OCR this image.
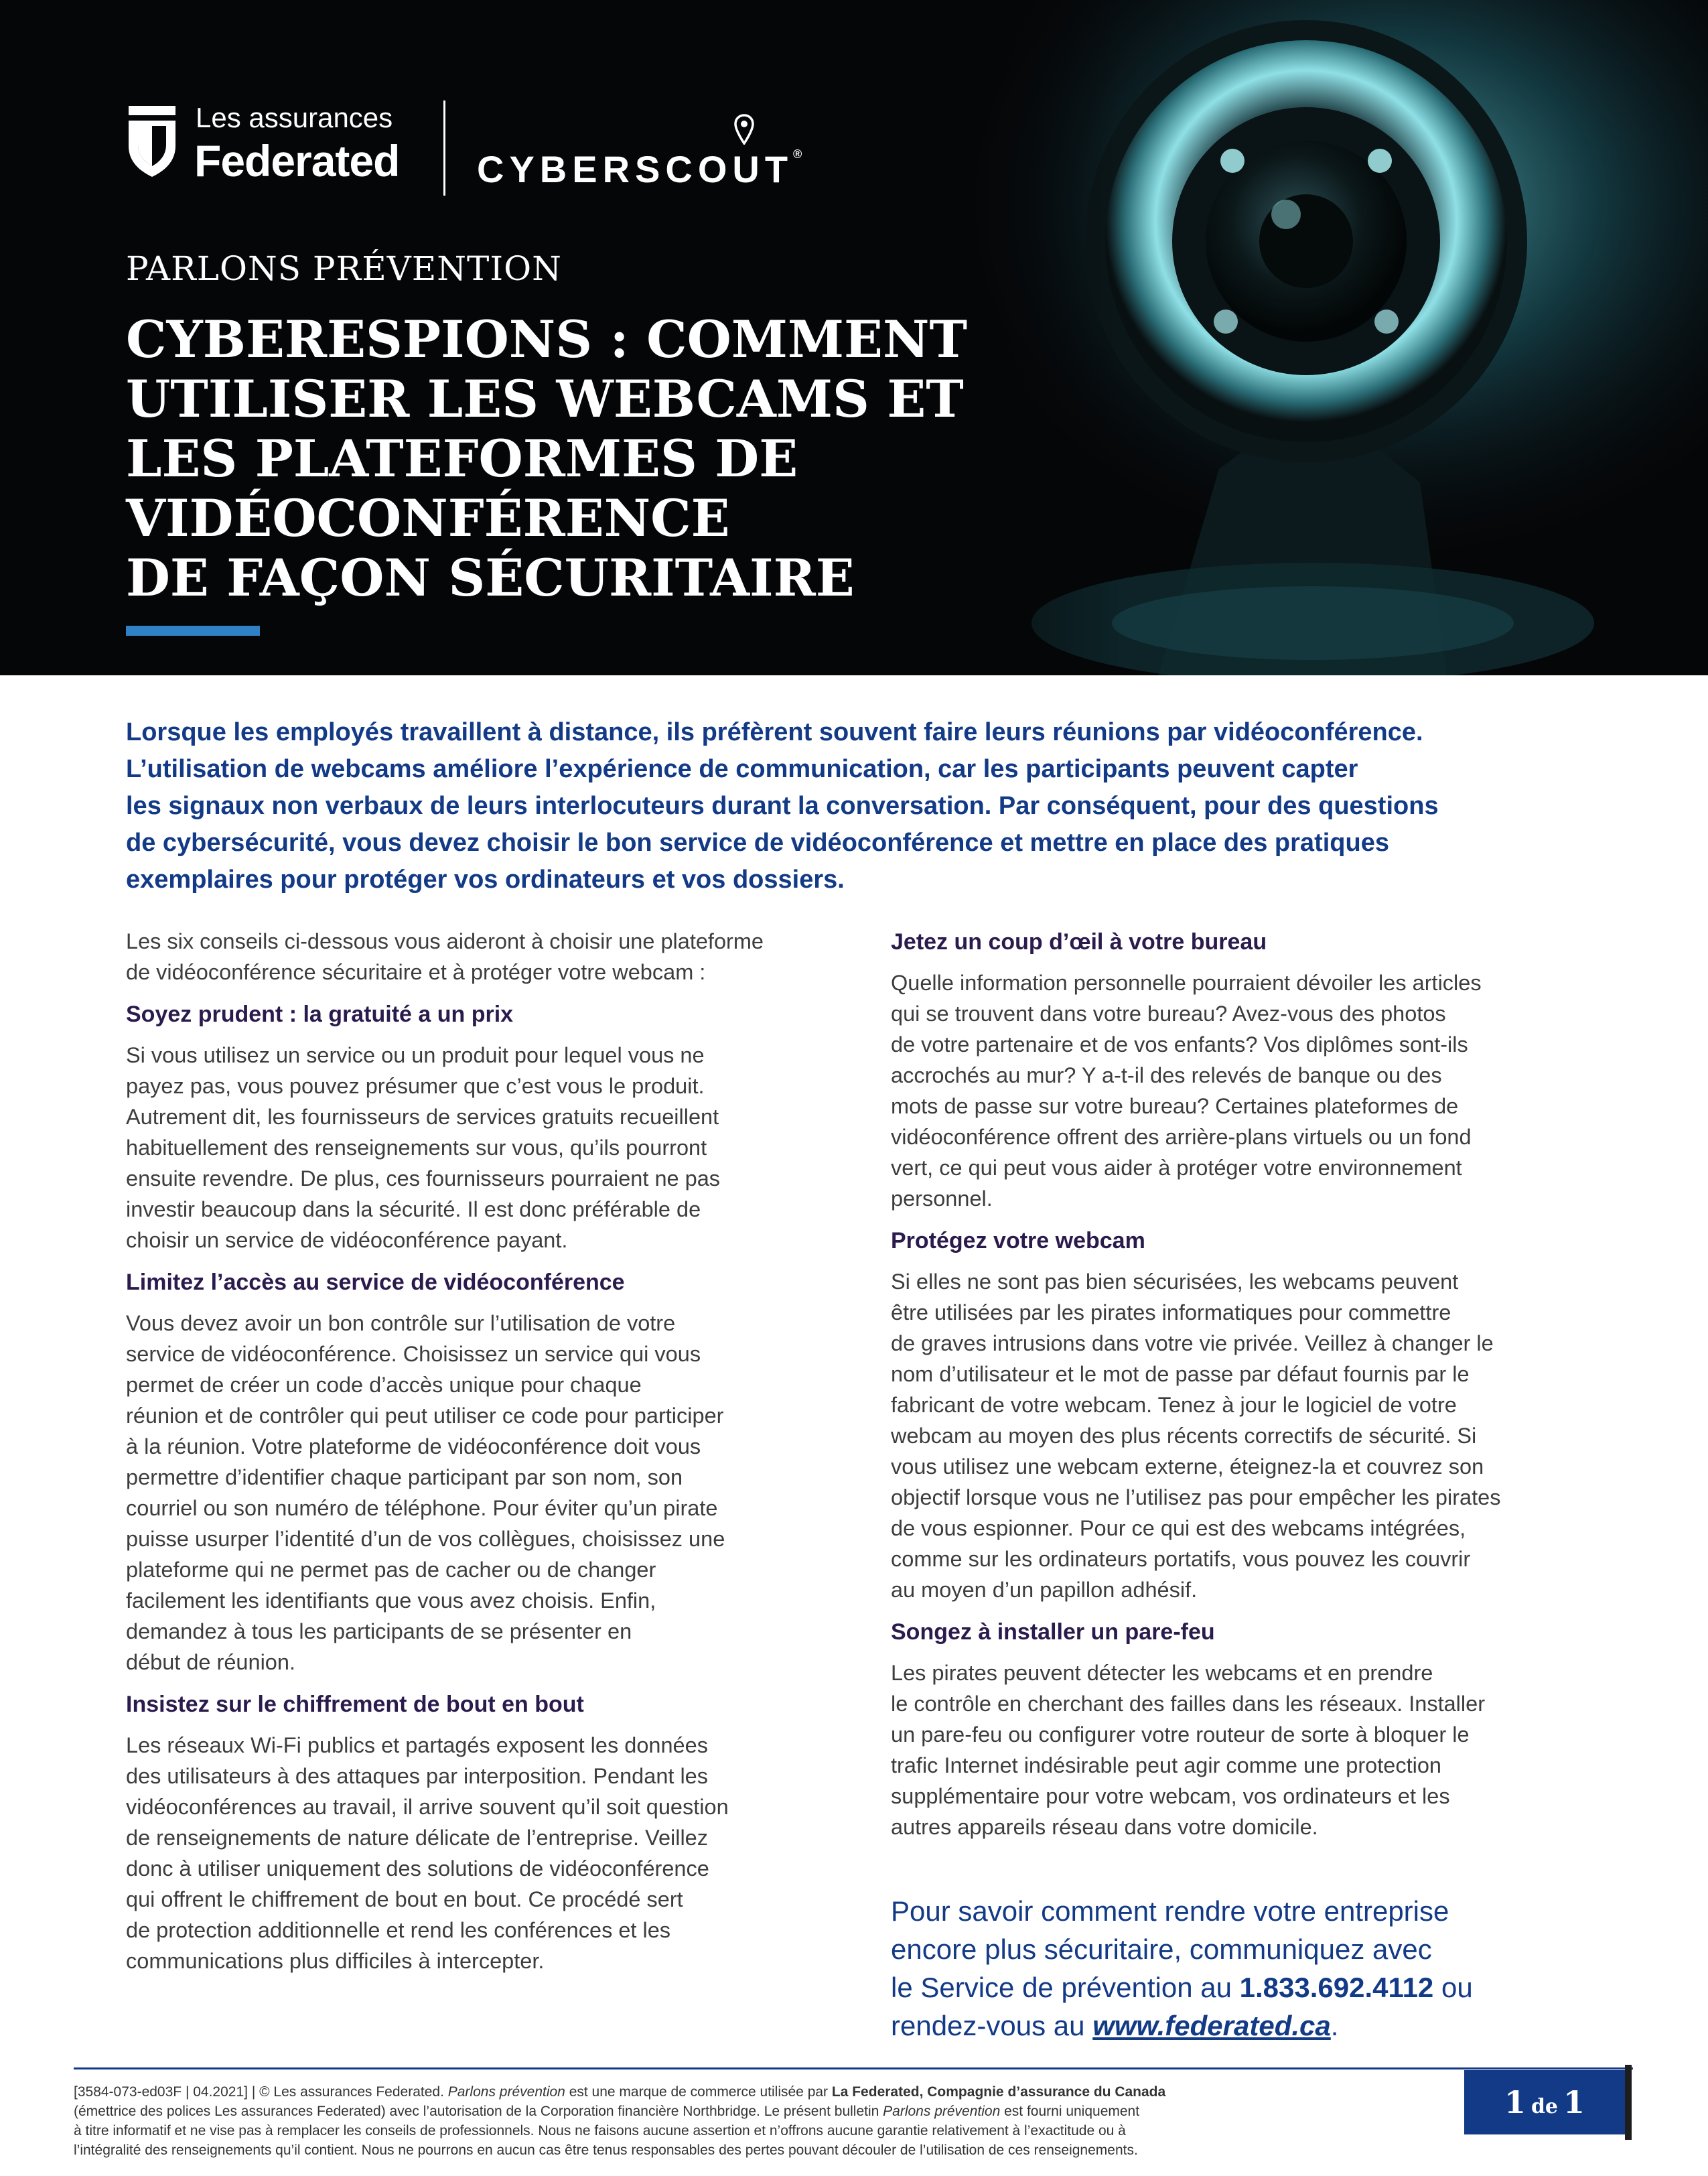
Les assurances
Federated CYBERSCOUT®
PARLONS PRÉVENTION
CYBERESPIONS : COMMENT
UTILISER LES WEBCAMS ET
LES PLATEFORMES DE
VIDÉOCONFÉRENCE
DE FAÇON SÉCURITAIRE
Lorsque les employés travaillent à distance, ils préfèrent souvent faire leurs réunions par vidéoconférence.
L’utilisation de webcams améliore l’expérience de communication, car les participants peuvent capter
les signaux non verbaux de leurs interlocuteurs durant la conversation. Par conséquent, pour des questions
de cybersécurité, vous devez choisir le bon service de vidéoconférence et mettre en place des pratiques
exemplaires pour protéger vos ordinateurs et vos dossiers.

Les six conseils ci-dessous vous aideront à choisir une plateforme
de vidéoconférence sécuritaire et à protéger votre webcam :

Soyez prudent : la gratuité a un prix

Si vous utilisez un service ou un produit pour lequel vous ne
payez pas, vous pouvez présumer que c’est vous le produit.
Autrement dit, les fournisseurs de services gratuits recueillent
habituellement des renseignements sur vous, qu’ils pourront
ensuite revendre. De plus, ces fournisseurs pourraient ne pas
investir beaucoup dans la sécurité. Il est donc préférable de
choisir un service de vidéoconférence payant.

Limitez l’accès au service de vidéoconférence

Vous devez avoir un bon contrôle sur l’utilisation de votre
service de vidéoconférence. Choisissez un service qui vous
permet de créer un code d’accès unique pour chaque
réunion et de contrôler qui peut utiliser ce code pour participer
à la réunion. Votre plateforme de vidéoconférence doit vous
permettre d’identifier chaque participant par son nom, son
courriel ou son numéro de téléphone. Pour éviter qu’un pirate
puisse usurper l’identité d’un de vos collègues, choisissez une
plateforme qui ne permet pas de cacher ou de changer
facilement les identifiants que vous avez choisis. Enfin,
demandez à tous les participants de se présenter en
début de réunion.

Insistez sur le chiffrement de bout en bout

Les réseaux Wi-Fi publics et partagés exposent les données
des utilisateurs à des attaques par interposition. Pendant les
vidéoconférences au travail, il arrive souvent qu’il soit question
de renseignements de nature délicate de l’entreprise. Veillez
donc à utiliser uniquement des solutions de vidéoconférence
qui offrent le chiffrement de bout en bout. Ce procédé sert
de protection additionnelle et rend les conférences et les
communications plus difficiles à intercepter.

Jetez un coup d’œil à votre bureau

Quelle information personnelle pourraient dévoiler les articles
qui se trouvent dans votre bureau? Avez-vous des photos
de votre partenaire et de vos enfants? Vos diplômes sont-ils
accrochés au mur? Y a-t-il des relevés de banque ou des
mots de passe sur votre bureau? Certaines plateformes de
vidéoconférence offrent des arrière-plans virtuels ou un fond
vert, ce qui peut vous aider à protéger votre environnement
personnel.

Protégez votre webcam

Si elles ne sont pas bien sécurisées, les webcams peuvent
être utilisées par les pirates informatiques pour commettre
de graves intrusions dans votre vie privée. Veillez à changer le
nom d’utilisateur et le mot de passe par défaut fournis par le
fabricant de votre webcam. Tenez à jour le logiciel de votre
webcam au moyen des plus récents correctifs de sécurité. Si
vous utilisez une webcam externe, éteignez-la et couvrez son
objectif lorsque vous ne l’utilisez pas pour empêcher les pirates
de vous espionner. Pour ce qui est des webcams intégrées,
comme sur les ordinateurs portatifs, vous pouvez les couvrir
au moyen d’un papillon adhésif.

Songez à installer un pare-feu

Les pirates peuvent détecter les webcams et en prendre
le contrôle en cherchant des failles dans les réseaux. Installer
un pare-feu ou configurer votre routeur de sorte à bloquer le
trafic Internet indésirable peut agir comme une protection
supplémentaire pour votre webcam, vos ordinateurs et les
autres appareils réseau dans votre domicile.

Pour savoir comment rendre votre entreprise
encore plus sécuritaire, communiquez avec
le Service de prévention au 1.833.692.4112 ou
rendez-vous au www.federated.ca.

[3584-073-ed03F | 04.2021] | © Les assurances Federated. Parlons prévention est une marque de commerce utilisée par La Federated, Compagnie d’assurance du Canada

(émettrice des polices Les assurances Federated) avec l’autorisation de la Corporation financière Northbridge. Le présent bulletin Parlons prévention est fourni uniquement

à titre informatif et ne vise pas à remplacer les conseils de professionnels. Nous ne faisons aucune assertion et n’offrons aucune garantie relativement à l’exactitude ou à

l’intégralité des renseignements qu’il contient. Nous ne pourrons en aucun cas être tenus responsables des pertes pouvant découler de l’utilisation de ces renseignements.

1 de 1
